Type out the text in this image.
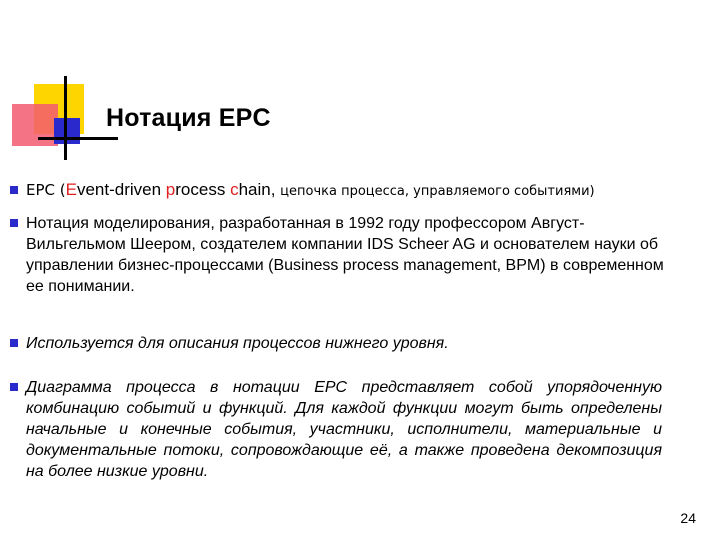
Нотация EPC
EPC (Event-driven process chain, цепочка процесса, управляемого событиями)

Нотация моделирования, разработанная в 1992 году профессором Август-Вильгельмом Шеером, создателем компании IDS Scheer AG и основателем науки об управлении бизнес-процессами (Business process management, BPM) в современном ее понимании.

Используется для описания процессов нижнего уровня.

Диаграмма процесса в нотации EPC представляет собой упорядоченную комбинацию событий и функций. Для каждой функции могут быть определены начальные и конечные события, участники, исполнители, материальные и документальные потоки, сопровождающие её, а также проведена декомпозиция на более низкие уровни.

24
